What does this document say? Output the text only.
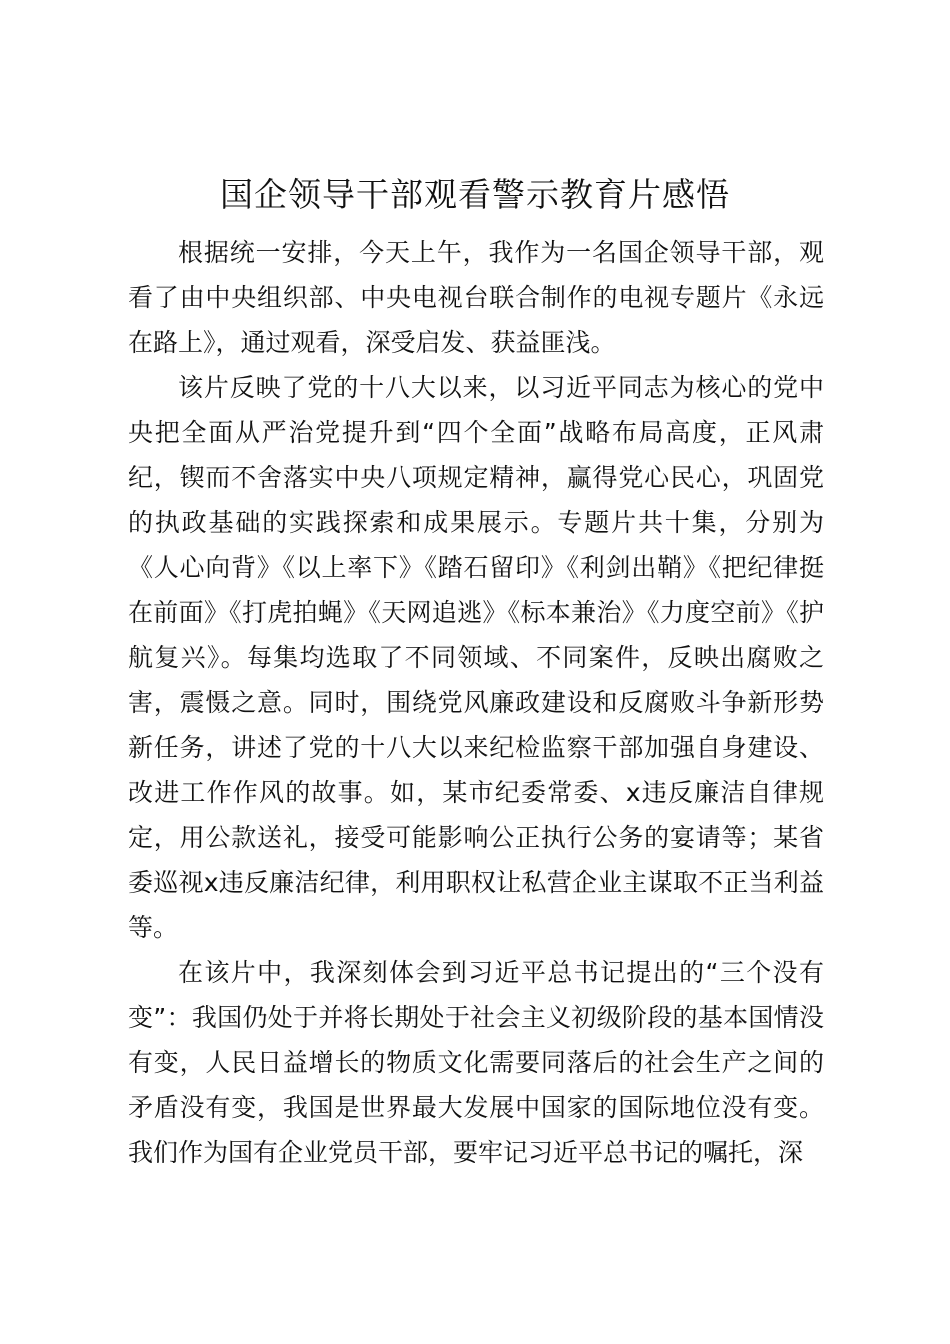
国企领导干部观看警示教育片感悟

根据统一安排，今天上午，我作为一名国企领导干部，观看了由中央组织部、中央电视台联合制作的电视专题片《永远在路上》，通过观看，深受启发、获益匪浅。

该片反映了党的十八大以来，以习近平同志为核心的党中央把全面从严治党提升到“四个全面”战略布局高度，正风肃纪，锲而不舍落实中央八项规定精神，赢得党心民心，巩固党的执政基础的实践探索和成果展示。专题片共十集，分别为《人心向背》《以上率下》《踏石留印》《利剑出鞘》《把纪律挺在前面》《打虎拍蝇》《天网追逃》《标本兼治》《力度空前》《护航复兴》。每集均选取了不同领域、不同案件，反映出腐败之害，震慑之意。同时，围绕党风廉政建设和反腐败斗争新形势新任务，讲述了党的十八大以来纪检监察干部加强自身建设、改进工作作风的故事。如，某市纪委常委、x违反廉洁自律规定，用公款送礼，接受可能影响公正执行公务的宴请等；某省委巡视x违反廉洁纪律，利用职权让私营企业主谋取不正当利益等。

在该片中，我深刻体会到习近平总书记提出的“三个没有变”：我国仍处于并将长期处于社会主义初级阶段的基本国情没有变，人民日益增长的物质文化需要同落后的社会生产之间的矛盾没有变，我国是世界最大发展中国家的国际地位没有变。我们作为国有企业党员干部，要牢记习近平总书记的嘱托，深
